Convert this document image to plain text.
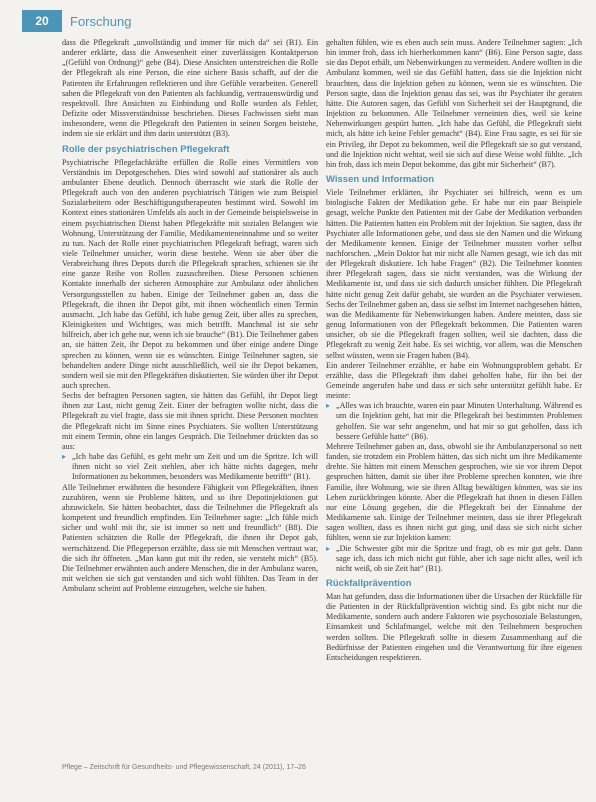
20	Forschung

dass die Pflegekraft „unvollständig und immer für mich da“ sei (B1). Ein anderer erklärte, dass die Anwesenheit einer zuverlässigen Kontaktperson „(Gefühl von Ordnung)“ gebe (B4). Diese Ansichten unterstreichen die Rolle der Pflegekraft als eine Person, die eine sichere Basis schafft, auf der die Patienten ihr Erfahrungen reflektieren und ihre Gefühle verarbeiten. Generell sahen die Pflegekraft von den Patienten als fachkundig, vertrauenswürdig und respektvoll. Ihre Ansichten zu Einbindung und Rolle wurden als Fehler, Defizite oder Missverständnisse beschrieben. Dieses Fachwissen sieht man insbesondere, wenn die Pflegekraft den Patienten in seinen Sorgen beistehe, indem sie sie erklärt und ihm darin unterstützt (B3).

Rolle der psychiatrischen Pflegekraft

Psychiatrische Pflegefachkräfte erfüllen die Rolle eines Vermittlers von Verständnis im Depotgeschehen. Dies wird sowohl auf stationärer als auch ambulanter Ebene deutlich. Dennoch überrascht wie stark die Rolle der Pflegekraft auch von den anderen psychiatrisch Tätigen wie zum Beispiel Sozialarbeitern oder Beschäftigungstherapeuten bestimmt wird. Sowohl im Kontext eines stationären Umfelds als auch in der Gemeinde beispielsweise in einem psychiatrischen Dienst haben Pflegekräfte mit sozialen Belangen wie Wohnung, Unterstützung der Familie, Medikamenteneinnahme und so weiter zu tun. Nach der Rolle einer psychiatrischen Pflegekraft befragt, waren sich viele Teilnehmer unsicher, worin diese bestehe. Wenn sie aber über die Verabreichung ihres Depots durch die Pflegekraft sprachen, schienen sie ihr eine ganze Reihe von Rollen zuzuschreiben. Diese Personen schienen Kontakte innerhalb der sicheren Atmosphäre zur Ambulanz oder ähnlichen Versorgungsstellen zu haben. Einige der Teilnehmer gaben an, dass die Pflegekraft, die ihnen ihr Depot gibt, mit ihnen wöchentlich einen Termin ausmacht. „Ich habe das Gefühl, ich habe genug Zeit, über alles zu sprechen, Kleinigkeiten und Wichtiges, was mich betrifft. Manchmal ist sie sehr hilfreich, aber ich gehe nur, wenn ich sie brauche“ (B1). Die Teilnehmer gaben an, sie hätten Zeit, ihr Depot zu bekommen und über einige andere Dinge sprechen zu können, wenn sie es wünschten. Einige Teilnehmer sagten, sie behandelten andere Dinge nicht ausschließlich, weil sie ihr Depot bekamen, sondern weil sie mit den Pflegekräften diskutierten. Sie würden über ihr Depot auch sprechen.

Sechs der befragten Personen sagten, sie hätten das Gefühl, ihr Depot liegt ihnen zur Last, nicht genug Zeit. Einer der befragten wollte nicht, dass die Pflegekraft zu viel fragte, dass sie mit ihnen spricht. Diese Personen mochten die Pflegekraft nicht im Sinne eines Psychiaters. Sie wollten Unterstützung mit einem Termin, ohne ein langes Gespräch. Die Teilnehmer drückten das so aus:

▸ „Ich habe das Gefühl, es geht mehr um Zeit und um die Spritze. Ich will ihnen nicht so viel Zeit stehlen, aber ich hätte nichts dagegen, mehr Informationen zu bekommen, besonders was Medikamente betrifft“ (B1).

Alle Teilnehmer erwähnten die besondere Fähigkeit von Pflegekräften, ihnen zuzuhören, wenn sie Probleme hätten, und so ihre Depotinjektionen gut abzuwickeln. Sie hätten beobachtet, dass die Teilnehmer die Pflegekraft als kompetent und freundlich empfinden. Ein Teilnehmer sagte: „Ich fühle mich sicher und wohl mit ihr, sie ist immer so nett und freundlich“ (B8). Die Patienten schätzten die Rolle der Pflegekraft, die ihnen ihr Depot gab, wertschätzend. Die Pflegeperson erzählte, dass sie mit Menschen vertraut war, die sich ihr öffneten. „Man kann gut mit ihr reden, sie versteht mich“ (B5). Die Teilnehmer erwähnten auch andere Menschen, die in der Ambulanz waren, mit welchen sie sich gut verstanden und sich wohl fühlten. Das Team in der Ambulanz scheint auf Probleme einzugehen, welche sie haben.

gehalten fühlen, wie es eben auch sein muss. Andere Teilnehmer sagten: „Ich bin immer froh, dass ich hierherkommen kann“ (B6). Eine Person sagte, dass sie das Depot erhält, um Nebenwirkungen zu vermeiden. Andere wollten in die Ambulanz kommen, weil sie das Gefühl hatten, dass sie die Injektion nicht brauchten, dass die Injektion geben zu können, wenn sie es wünschten. Die Person sagte, dass die Injektion genau das sei, was ihr Psychiater ihr geraten hätte. Die Autoren sagen, das Gefühl von Sicherheit sei der Hauptgrund, die Injektion zu bekommen. Alle Teilnehmer verneinten dies, weil sie keine Nebenwirkungen gespürt hatten. „Ich habe das Gefühl, die Pflegekraft sieht mich, als hätte ich keine Fehler gemacht“ (B4). Eine Frau sagte, es sei für sie ein Privileg, ihr Depot zu bekommen, weil die Pflegekraft sie so gut verstand, und die Injektion nicht wehtat, weil sie sich auf diese Weise wohl fühlte. „Ich bin froh, dass ich mein Depot bekomme, das gibt mir Sicherheit“ (B7).

Wissen und Information

Viele Teilnehmer erklärten, ihr Psychiater sei hilfreich, wenn es um biologische Fakten der Medikation gehe. Er habe nur ein paar Beispiele gesagt, welche Punkte den Patienten mit der Gabe der Medikation verbunden hätten. Die Patienten hatten ein Problem mit der Injektion. Sie sagten, dass ihr Psychiater alle Informationen gebe, und dass sie den Namen und die Wirkung der Medikamente kennen. Einige der Teilnehmer mussten vorher selbst nachforschen. „Mein Doktor hat mir nicht alle Namen gesagt, wie ich das mit der Pflegekraft diskutiere. Ich habe Fragen“ (B2). Die Teilnehmer konnten ihrer Pflegekraft sagen, dass sie nicht verstanden, was die Wirkung der Medikamente ist, und dass sie sich dadurch unsicher fühlten. Die Pflegekraft hätte nicht genug Zeit dafür gehabt, sie wurden an die Psychiater verwiesen. Sechs der Teilnehmer gaben an, dass sie selbst im Internet nachgesehen hätten, was die Medikamente für Nebenwirkungen haben. Andere meinten, dass sie genug Informationen von der Pflegekraft bekommen. Die Patienten waren unsicher, ob sie die Pflegekraft fragen sollten, weil sie dachten, dass die Pflegekraft zu wenig Zeit habe. Es sei wichtig, vor allem, was die Menschen selbst wüssten, wenn sie Fragen haben (B4).

Ein anderer Teilnehmer erzählte, er habe ein Wohnungsproblem gehabt. Er erzählte, dass die Pflegekraft ihm dabei geholfen habe, für ihn bei der Gemeinde angerufen habe und dass er sich sehr unterstützt gefühlt habe. Er meinte:

▸ „Alles was ich brauchte, waren ein paar Minuten Unterhaltung. Während es um die Injektion geht, hat mir die Pflegekraft bei bestimmten Problemen geholfen. Sie war sehr angenehm, und hat mir so gut geholfen, dass ich bessere Gefühle hatte“ (B6).

Mehrere Teilnehmer gaben an, dass, obwohl sie ihr Ambulanzpersonal so nett fanden, sie trotzdem ein Problem hätten, das sich nicht um ihre Medikamente drehte. Sie hätten mit einem Menschen gesprochen, wie sie vor ihrem Depot gesprochen hätten, damit sie über ihre Probleme sprechen konnten, wie ihre Familie, ihre Wohnung, wie sie ihren Alltag bewältigen könnten, was sie ins Leben zurückbringen könnte. Aber die Pflegekraft hat ihnen in diesen Fällen nur eine Lösung gegeben, die die Pflegekraft bei der Einnahme der Medikamente sah. Einige der Teilnehmer meinten, dass sie ihrer Pflegekraft sagen wollten, dass es ihnen nicht gut ging, und dass sie sich nicht sicher fühlten, wenn sie zur Injektion kamen:

▸ „Die Schwester gibt mir die Spritze und fragt, ob es mir gut geht. Dann sage ich, dass ich mich nicht gut fühle, aber ich sage nicht alles, weil ich nicht weiß, ob sie Zeit hat“ (B1).

Rückfallprävention

Man hat gefunden, dass die Informationen über die Ursachen der Rückfälle für die Patienten in der Rückfallprävention wichtig sind. Es gibt nicht nur die Medikamente, sondern auch andere Faktoren wie psychosoziale Belastungen, Einsamkeit und Schlafmangel, welche mit den Teilnehmern besprochen werden sollten. Die Pflegekraft sollte in diesem Zusammenhang auf die Bedürfnisse der Patienten eingehen und die Verantwortung für ihre eigenen Entscheidungen respektieren.

Pflege – Zeitschrift für Gesundheits- und Pflegewissenschaft, 24 (2011), 17–26
